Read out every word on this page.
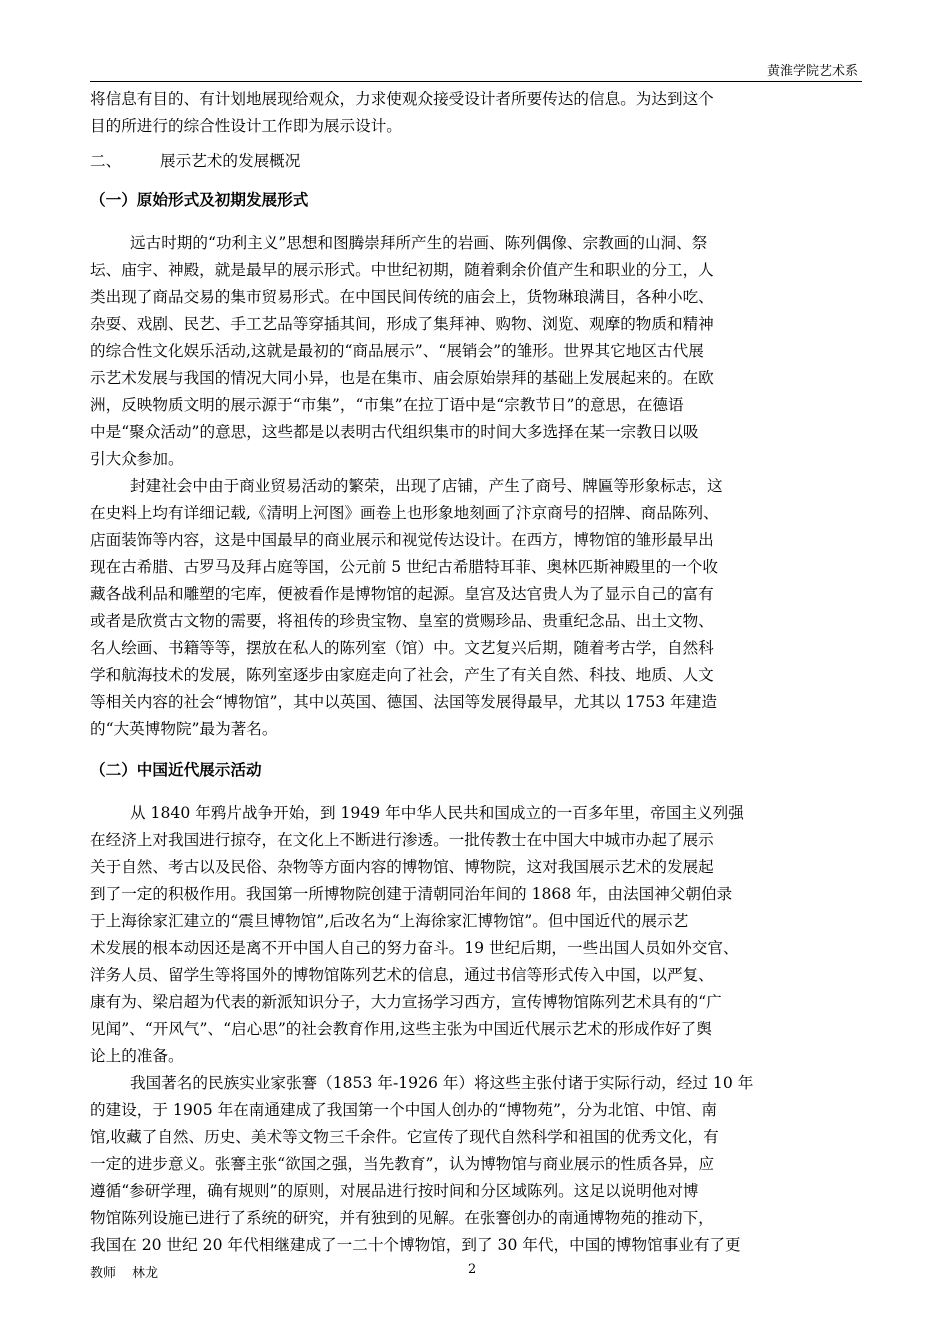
黄淮学院艺术系
将信息有目的、有计划地展现给观众，力求使观众接受设计者所要传达的信息。为达到这个
目的所进行的综合性设计工作即为展示设计。
二、 展示艺术的发展概况
（一）原始形式及初期发展形式
远古时期的“功利主义”思想和图腾崇拜所产生的岩画、陈列偶像、宗教画的山洞、祭
坛、庙宇、神殿，就是最早的展示形式。中世纪初期，随着剩余价值产生和职业的分工，人
类出现了商品交易的集市贸易形式。在中国民间传统的庙会上，货物琳琅满目，各种小吃、
杂耍、戏剧、民艺、手工艺品等穿插其间，形成了集拜神、购物、浏览、观摩的物质和精神
的综合性文化娱乐活动,这就是最初的“商品展示”、“展销会”的雏形。世界其它地区古代展
示艺术发展与我国的情况大同小异，也是在集市、庙会原始崇拜的基础上发展起来的。在欧
洲，反映物质文明的展示源于“市集”，“市集”在拉丁语中是“宗教节日”的意思，在德语
中是“聚众活动”的意思，这些都是以表明古代组织集市的时间大多选择在某一宗教日以吸
引大众参加。
封建社会中由于商业贸易活动的繁荣，出现了店铺，产生了商号、牌匾等形象标志，这
在史料上均有详细记载,《清明上河图》画卷上也形象地刻画了汴京商号的招牌、商品陈列、
店面装饰等内容，这是中国最早的商业展示和视觉传达设计。在西方，博物馆的雏形最早出
现在古希腊、古罗马及拜占庭等国，公元前 5 世纪古希腊特耳菲、奥林匹斯神殿里的一个收
藏各战利品和雕塑的宅库，便被看作是博物馆的起源。皇宫及达官贵人为了显示自己的富有
或者是欣赏古文物的需要，将祖传的珍贵宝物、皇室的赏赐珍品、贵重纪念品、出土文物、
名人绘画、书籍等等，摆放在私人的陈列室（馆）中。文艺复兴后期，随着考古学，自然科
学和航海技术的发展，陈列室逐步由家庭走向了社会，产生了有关自然、科技、地质、人文
等相关内容的社会“博物馆”，其中以英国、德国、法国等发展得最早，尤其以 1753 年建造
的“大英博物院”最为著名。
（二）中国近代展示活动
从 1840 年鸦片战争开始，到 1949 年中华人民共和国成立的一百多年里，帝国主义列强
在经济上对我国进行掠夺，在文化上不断进行渗透。一批传教士在中国大中城市办起了展示
关于自然、考古以及民俗、杂物等方面内容的博物馆、博物院，这对我国展示艺术的发展起
到了一定的积极作用。我国第一所博物院创建于清朝同治年间的 1868 年，由法国神父朝伯录
于上海徐家汇建立的“震旦博物馆”,后改名为“上海徐家汇博物馆”。但中国近代的展示艺
术发展的根本动因还是离不开中国人自己的努力奋斗。19 世纪后期，一些出国人员如外交官、
洋务人员、留学生等将国外的博物馆陈列艺术的信息，通过书信等形式传入中国，以严复、
康有为、梁启超为代表的新派知识分子，大力宣扬学习西方，宣传博物馆陈列艺术具有的“广
见闻”、“开风气”、“启心思”的社会教育作用,这些主张为中国近代展示艺术的形成作好了舆
论上的准备。
我国著名的民族实业家张謇（1853 年-1926 年）将这些主张付诸于实际行动，经过 10 年
的建设，于 1905 年在南通建成了我国第一个中国人创办的“博物苑”，分为北馆、中馆、南
馆,收藏了自然、历史、美术等文物三千余件。它宣传了现代自然科学和祖国的优秀文化，有
一定的进步意义。张謇主张“欲国之强，当先教育”，认为博物馆与商业展示的性质各异，应
遵循“参研学理，确有规则”的原则，对展品进行按时间和分区域陈列。这足以说明他对博
物馆陈列设施已进行了系统的研究，并有独到的见解。在张謇创办的南通博物苑的推动下，
我国在 20 世纪 20 年代相继建成了一二十个博物馆，到了 30 年代，中国的博物馆事业有了更
教师 林龙	2
